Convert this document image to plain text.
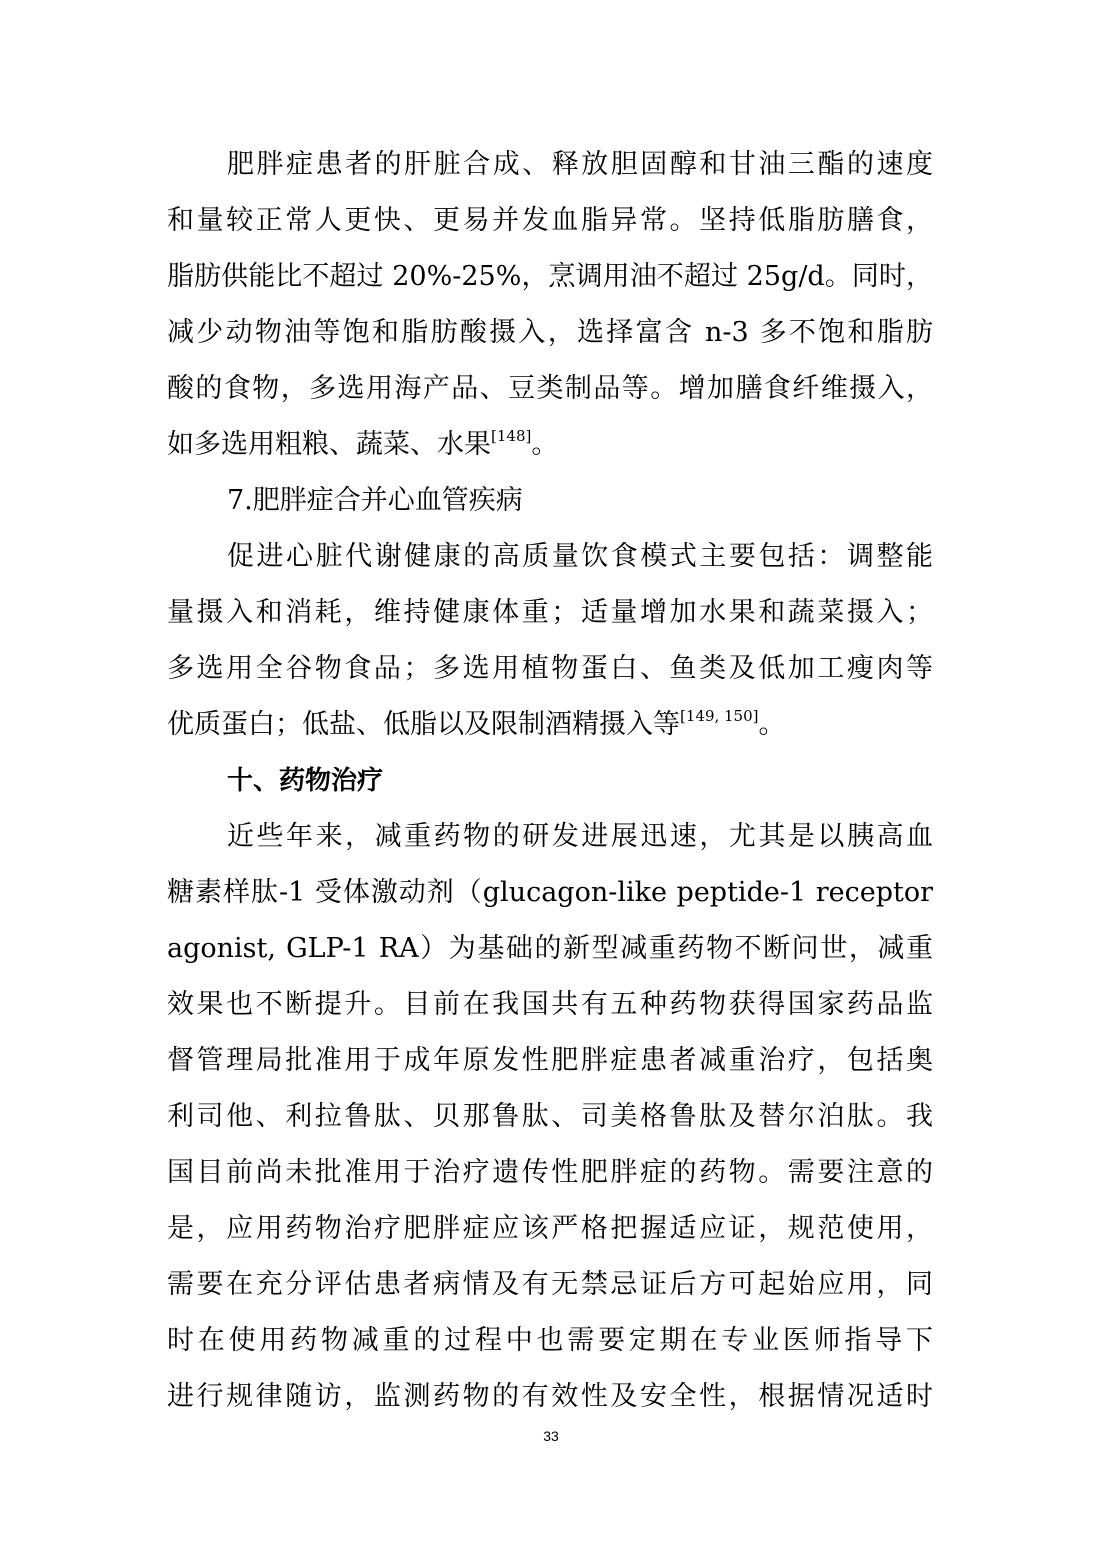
肥胖症患者的肝脏合成、释放胆固醇和甘油三酯的速度
和量较正常人更快、更易并发血脂异常。坚持低脂肪膳食，
脂肪供能比不超过 20%-25%，烹调用油不超过 25g/d。同时，
减少动物油等饱和脂肪酸摄入，选择富含 n-3 多不饱和脂肪
酸的食物，多选用海产品、豆类制品等。增加膳食纤维摄入，
如多选用粗粮、蔬菜、水果[148]。
7.肥胖症合并心血管疾病
促进心脏代谢健康的高质量饮食模式主要包括：调整能
量摄入和消耗，维持健康体重；适量增加水果和蔬菜摄入；
多选用全谷物食品；多选用植物蛋白、鱼类及低加工瘦肉等
优质蛋白；低盐、低脂以及限制酒精摄入等[149, 150]。
十、药物治疗
近些年来，减重药物的研发进展迅速，尤其是以胰高血
糖素样肽-1 受体激动剂（glucagon-like peptide-1 receptor
agonist, GLP-1 RA）为基础的新型减重药物不断问世，减重
效果也不断提升。目前在我国共有五种药物获得国家药品监
督管理局批准用于成年原发性肥胖症患者减重治疗，包括奥
利司他、利拉鲁肽、贝那鲁肽、司美格鲁肽及替尔泊肽。我
国目前尚未批准用于治疗遗传性肥胖症的药物。需要注意的
是，应用药物治疗肥胖症应该严格把握适应证，规范使用，
需要在充分评估患者病情及有无禁忌证后方可起始应用，同
时在使用药物减重的过程中也需要定期在专业医师指导下
进行规律随访，监测药物的有效性及安全性，根据情况适时
33
